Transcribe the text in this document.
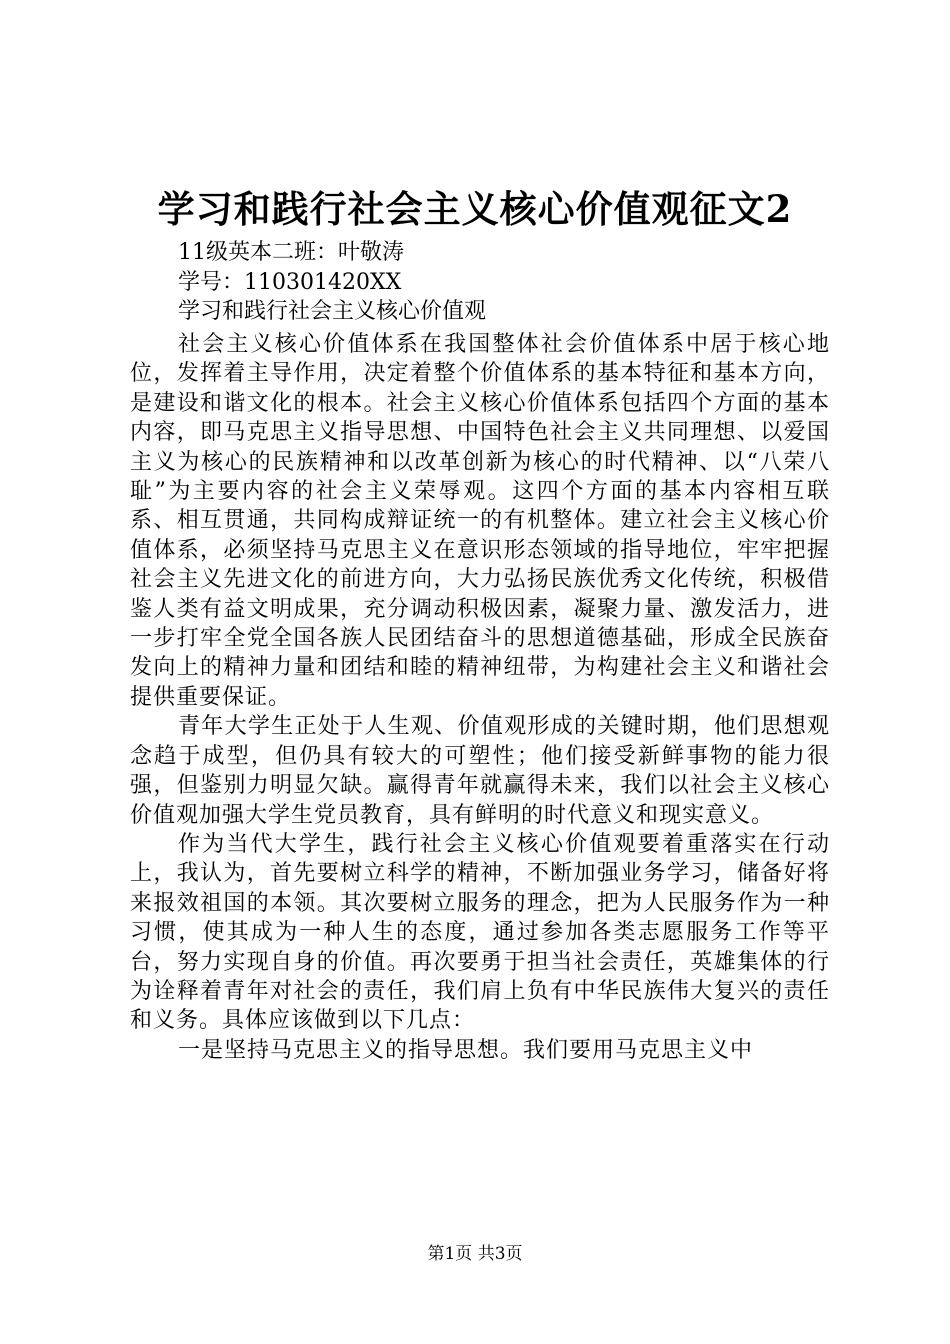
学习和践行社会主义核心价值观征文2
11级英本二班：叶敬涛
学号：110301420XX
学习和践行社会主义核心价值观

社会主义核心价值体系在我国整体社会价值体系中居于核心地位，发挥着主导作用，决定着整个价值体系的基本特征和基本方向，是建设和谐文化的根本。社会主义核心价值体系包括四个方面的基本内容，即马克思主义指导思想、中国特色社会主义共同理想、以爱国主义为核心的民族精神和以改革创新为核心的时代精神、以“八荣八耻”为主要内容的社会主义荣辱观。这四个方面的基本内容相互联系、相互贯通，共同构成辩证统一的有机整体。建立社会主义核心价值体系，必须坚持马克思主义在意识形态领域的指导地位，牢牢把握社会主义先进文化的前进方向，大力弘扬民族优秀文化传统，积极借鉴人类有益文明成果，充分调动积极因素，凝聚力量、激发活力，进一步打牢全党全国各族人民团结奋斗的思想道德基础，形成全民族奋发向上的精神力量和团结和睦的精神纽带，为构建社会主义和谐社会提供重要保证。

青年大学生正处于人生观、价值观形成的关键时期，他们思想观念趋于成型，但仍具有较大的可塑性；他们接受新鲜事物的能力很强，但鉴别力明显欠缺。赢得青年就赢得未来，我们以社会主义核心价值观加强大学生党员教育，具有鲜明的时代意义和现实意义。

作为当代大学生，践行社会主义核心价值观要着重落实在行动上，我认为，首先要树立科学的精神，不断加强业务学习，储备好将来报效祖国的本领。其次要树立服务的理念，把为人民服务作为一种习惯，使其成为一种人生的态度，通过参加各类志愿服务工作等平台，努力实现自身的价值。再次要勇于担当社会责任，英雄集体的行为诠释着青年对社会的责任，我们肩上负有中华民族伟大复兴的责任和义务。具体应该做到以下几点：

一是坚持马克思主义的指导思想。我们要用马克思主义中

第1页 共3页
